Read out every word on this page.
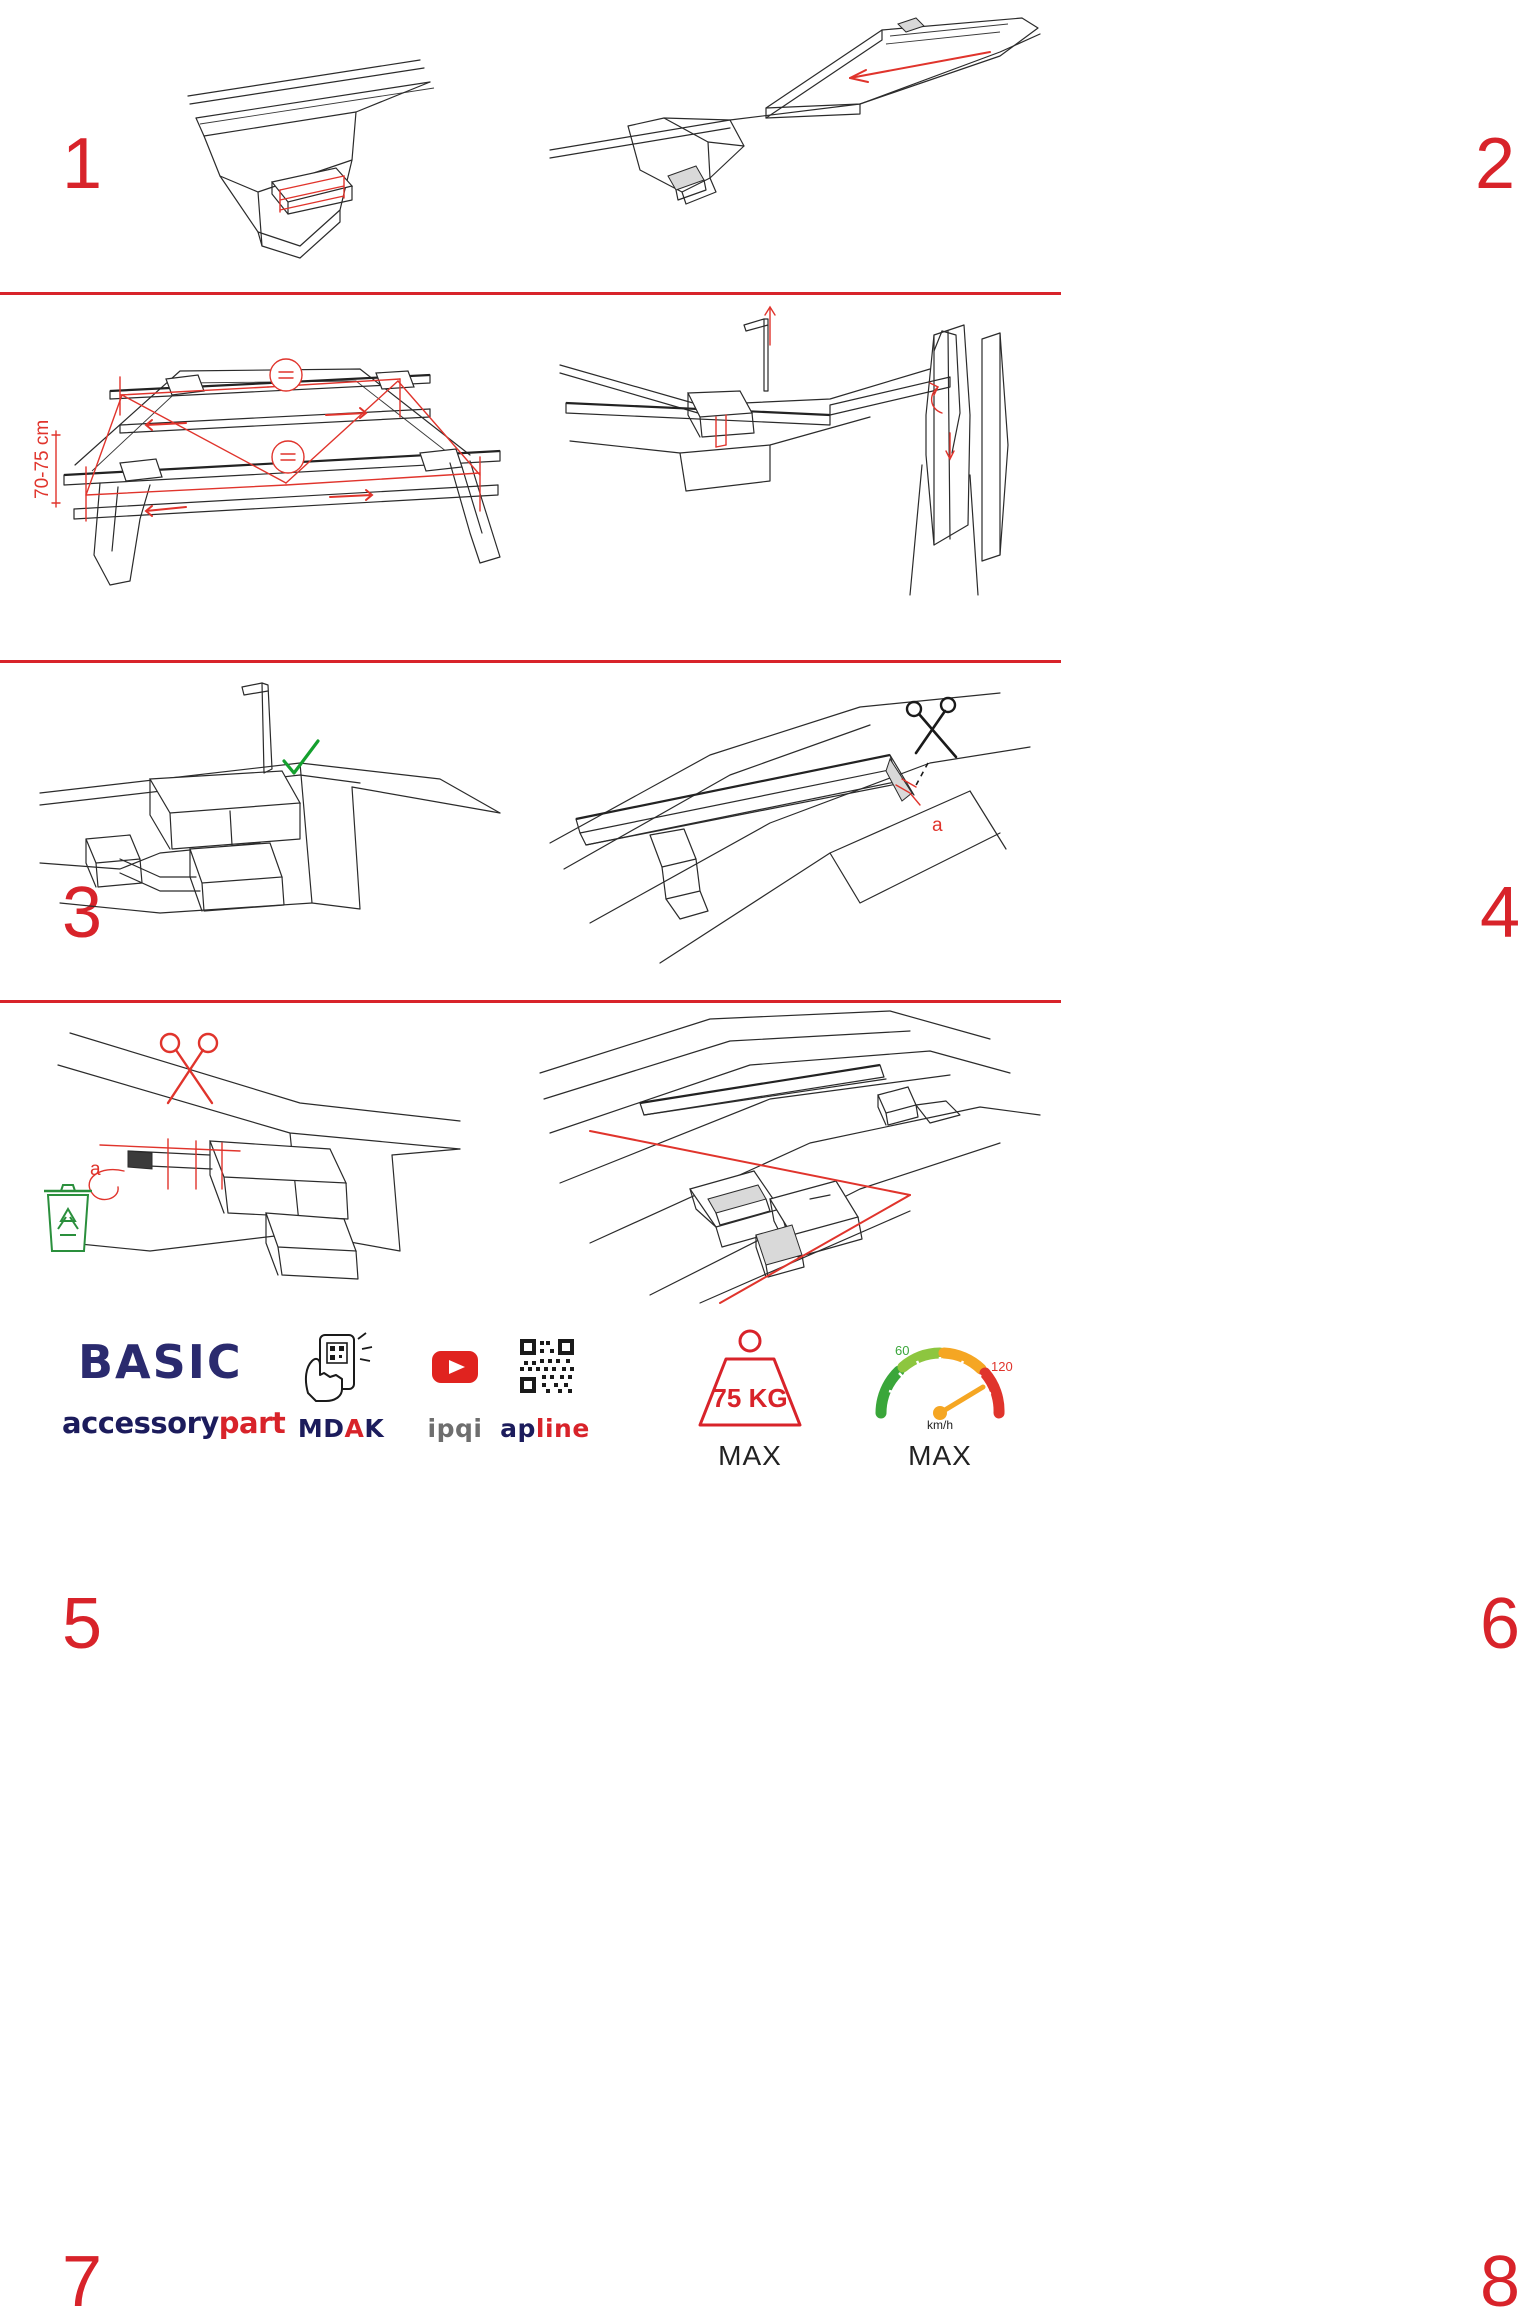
1	2
70-75 cm
3	4
5
a
6
a
7	8
BASIC
accessorypart MDAK	ipqi apline
75 KG
MAX
60
120
km/h
MAX
